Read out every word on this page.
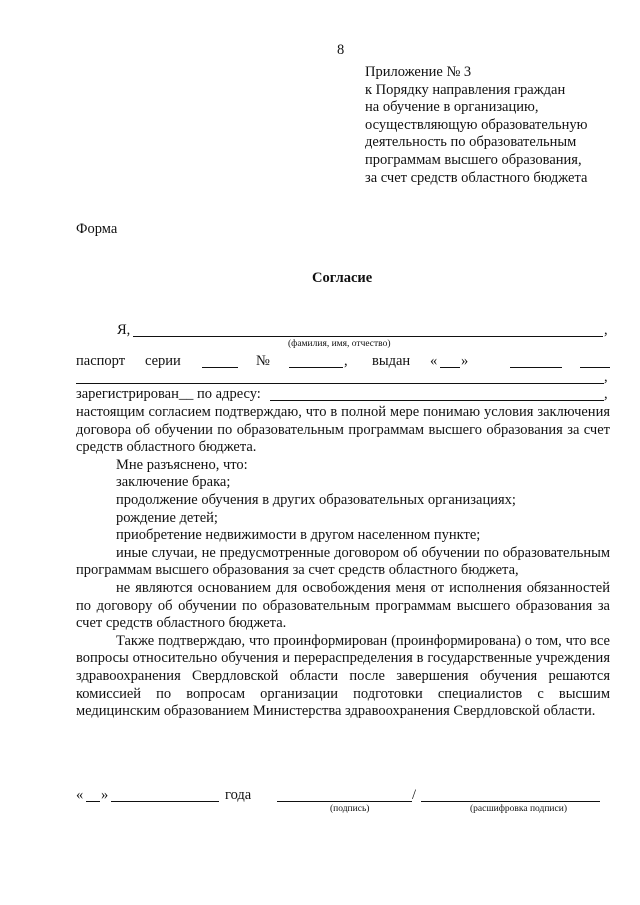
8
Приложение № 3
к Порядку направления граждан
на обучение в организацию,
осуществляющую образовательную
деятельность по образовательным
программам высшего образования,
за счет средств областного бюджета
Форма
Согласие
Я,	,
(фамилия, имя, отчество)
паспорт серии	№	, выдан « »
,
зарегистрирован__ по адресу:	,
настоящим согласием подтверждаю, что в полной мере понимаю условия заключения договора об обучении по образовательным программам высшего образования за счет средств областного бюджета.
Мне разъяснено, что:
заключение брака;
продолжение обучения в других образовательных организациях;
рождение детей;
приобретение недвижимости в другом населенном пункте;
иные случаи, не предусмотренные договором об обучении по образовательным программам высшего образования за счет средств областного бюджета,
не являются основанием для освобождения меня от исполнения обязанностей по договору об обучении по образовательным программам высшего образования за счет средств областного бюджета.
Также подтверждаю, что проинформирован (проинформирована) о том, что все вопросы относительно обучения и перераспределения в государственные учреждения здравоохранения Свердловской области после завершения обучения решаются комиссией по вопросам организации подготовки специалистов с высшим медицинским образованием Министерства здравоохранения Свердловской области.
« »	года	/
(подпись)	(расшифровка подписи)
